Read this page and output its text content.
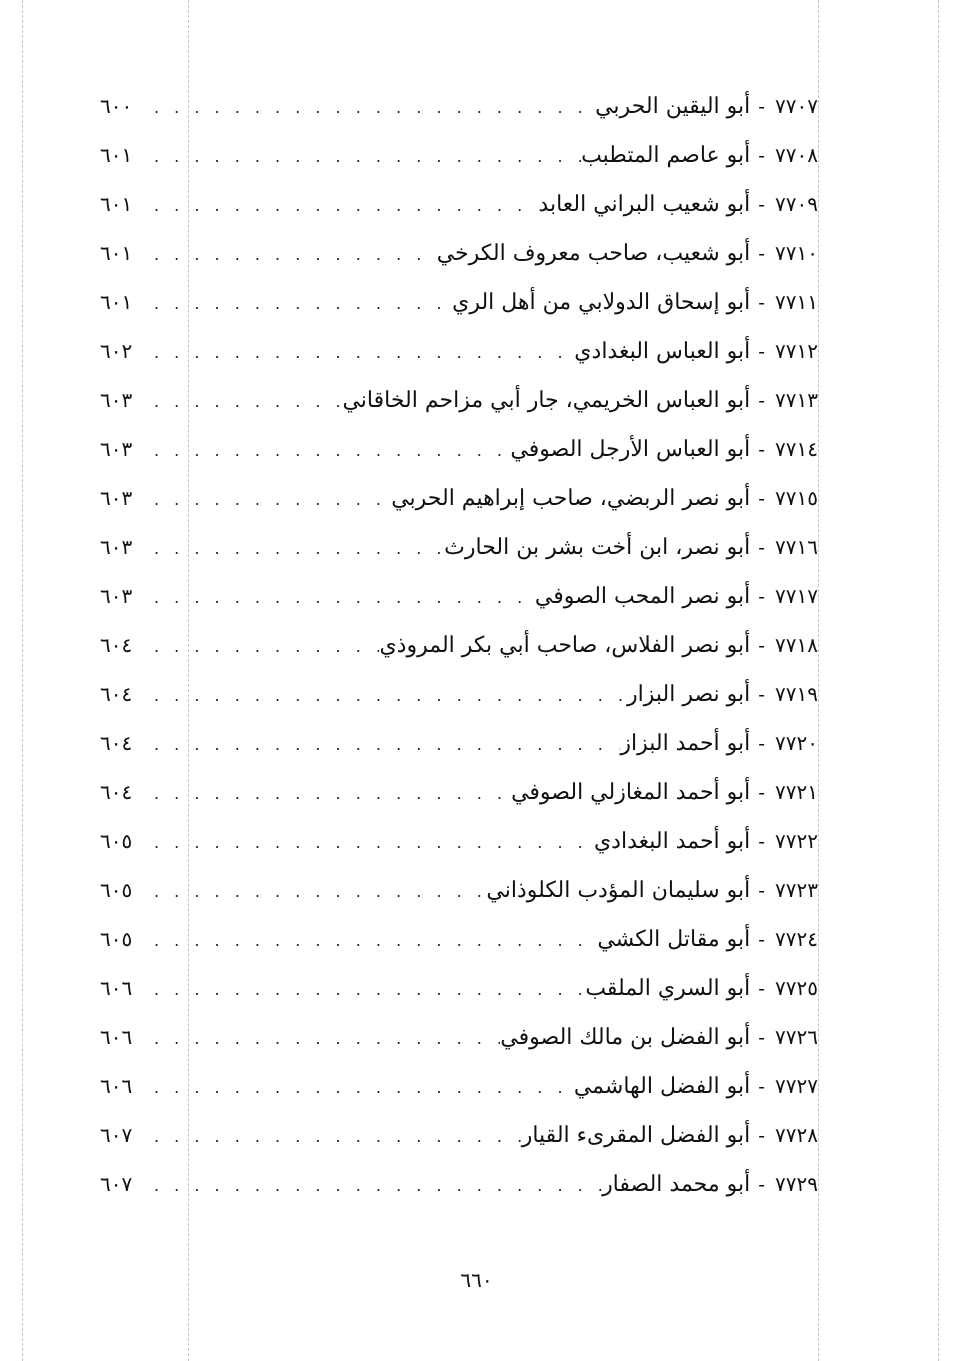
٧٧٠٧
-
أبو اليقين الحربي
. . .
٦٠٠
٧٧٠٨
-
أبو عاصم المتطبب
. . .
٦٠١
٧٧٠٩
-
أبو شعيب البراني العابد
. . .
٦٠١
٧٧١٠
-
أبو شعيب، صاحب معروف الكرخي
. . .
٦٠١
٧٧١١
-
أبو إسحاق الدولابي من أهل الري
. . .
٦٠١
٧٧١٢
-
أبو العباس البغدادي
. . .
٦٠٢
٧٧١٣
-
أبو العباس الخريمي، جار أبي مزاحم الخاقاني
. . .
٦٠٣
٧٧١٤
-
أبو العباس الأرجل الصوفي
. . .
٦٠٣
٧٧١٥
-
أبو نصر الربضي، صاحب إبراهيم الحربي
. . .
٦٠٣
٧٧١٦
-
أبو نصر، ابن أخت بشر بن الحارث
. . .
٦٠٣
٧٧١٧
-
أبو نصر المحب الصوفي
. . .
٦٠٣
٧٧١٨
-
أبو نصر الفلاس، صاحب أبي بكر المروذي
. . .
٦٠٤
٧٧١٩
-
أبو نصر البزار
. . .
٦٠٤
٧٧٢٠
-
أبو أحمد البزاز
. . .
٦٠٤
٧٧٢١
-
أبو أحمد المغازلي الصوفي
. . .
٦٠٤
٧٧٢٢
-
أبو أحمد البغدادي
. . .
٦٠٥
٧٧٢٣
-
أبو سليمان المؤدب الكلوذاني
. . .
٦٠٥
٧٧٢٤
-
أبو مقاتل الكشي
. . .
٦٠٥
٧٧٢٥
-
أبو السري الملقب
. . .
٦٠٦
٧٧٢٦
-
أبو الفضل بن مالك الصوفي
. . .
٦٠٦
٧٧٢٧
-
أبو الفضل الهاشمي
. . .
٦٠٦
٧٧٢٨
-
أبو الفضل المقرىء القيار
. . .
٦٠٧
٧٧٢٩
-
أبو محمد الصفار
. . .
٦٠٧
٦٦٠
